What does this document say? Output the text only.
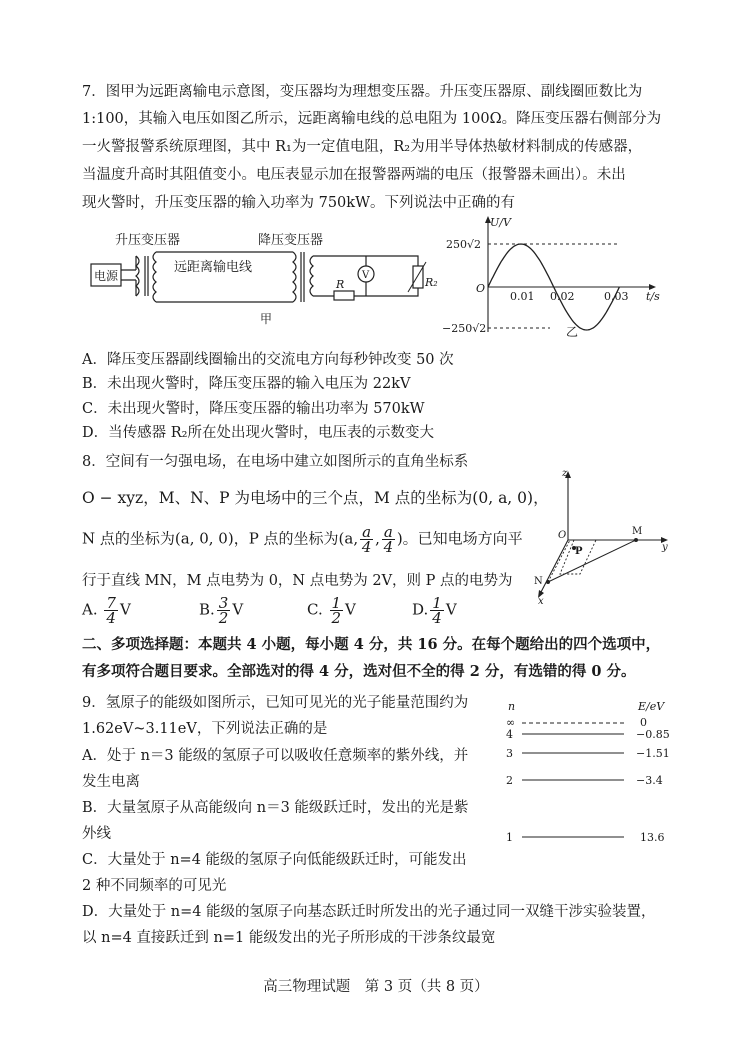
7．图甲为远距离输电示意图，变压器均为理想变压器。升压变压器原、副线圈匝数比为
1:100，其输入电压如图乙所示，远距离输电线的总电阻为 100Ω。降压变压器右侧部分为
一火警报警系统原理图，其中 R₁为一定值电阻，R₂为用半导体热敏材料制成的传感器，
当温度升高时其阻值变小。电压表显示加在报警器两端的电压（报警器未画出）。未出
现火警时，升压变压器的输入功率为 750kW。下列说法中正确的有
升压变压器	降压变压器
电源
远距离输电线
V
R	R₂
甲
U/V
t/s
250√2
−250√2
O
0.01 0.02	0.03
乙
A．降压变压器副线圈输出的交流电方向每秒钟改变 50 次
B．未出现火警时，降压变压器的输入电压为 22kV
C．未出现火警时，降压变压器的输出功率为 570kW
D．当传感器 R₂所在处出现火警时，电压表的示数变大
8．空间有一匀强电场，在电场中建立如图所示的直角坐标系
O − xyz，M、N、P 为电场中的三个点，M 点的坐标为(0, a, 0)，
N 点的坐标为(a, 0, 0)，P 点的坐标为(a, $\frac{a}{4}$ , $\frac{a}{4}$ )。已知电场方向平
行于直线 MN，M 点电势为 0，N 点电势为 2V，则 P 点的电势为
A. $\frac{7}{4}$ V	B. $\frac{3}{2}$ V	C. $\frac{1}{2}$ V	D. $\frac{1}{4}$ V
z
y
x
O	M
N
P
二、多项选择题：本题共 4 小题，每小题 4 分，共 16 分。在每个题给出的四个选项中，
有多项符合题目要求。全部选对的得 4 分，选对但不全的得 2 分，有选错的得 0 分。
9．氢原子的能级如图所示，已知可见光的光子能量范围约为
1.62eV~3.11eV，下列说法正确的是
A．处于 n＝3 能级的氢原子可以吸收任意频率的紫外线，并
发生电离
B．大量氢原子从高能级向 n＝3 能级跃迁时，发出的光是紫
外线
C．大量处于 n=4 能级的氢原子向低能级跃迁时，可能发出
2 种不同频率的可见光
D．大量处于 n=4 能级的氢原子向基态跃迁时所发出的光子通过同一双缝干涉实验装置，
以 n=4 直接跃迁到 n=1 能级发出的光子所形成的干涉条纹最宽
n	E/eV
∞	0
4	−0.85
3	−1.51
2	−3.4
1	13.6
高三物理试题　第 3 页（共 8 页）
